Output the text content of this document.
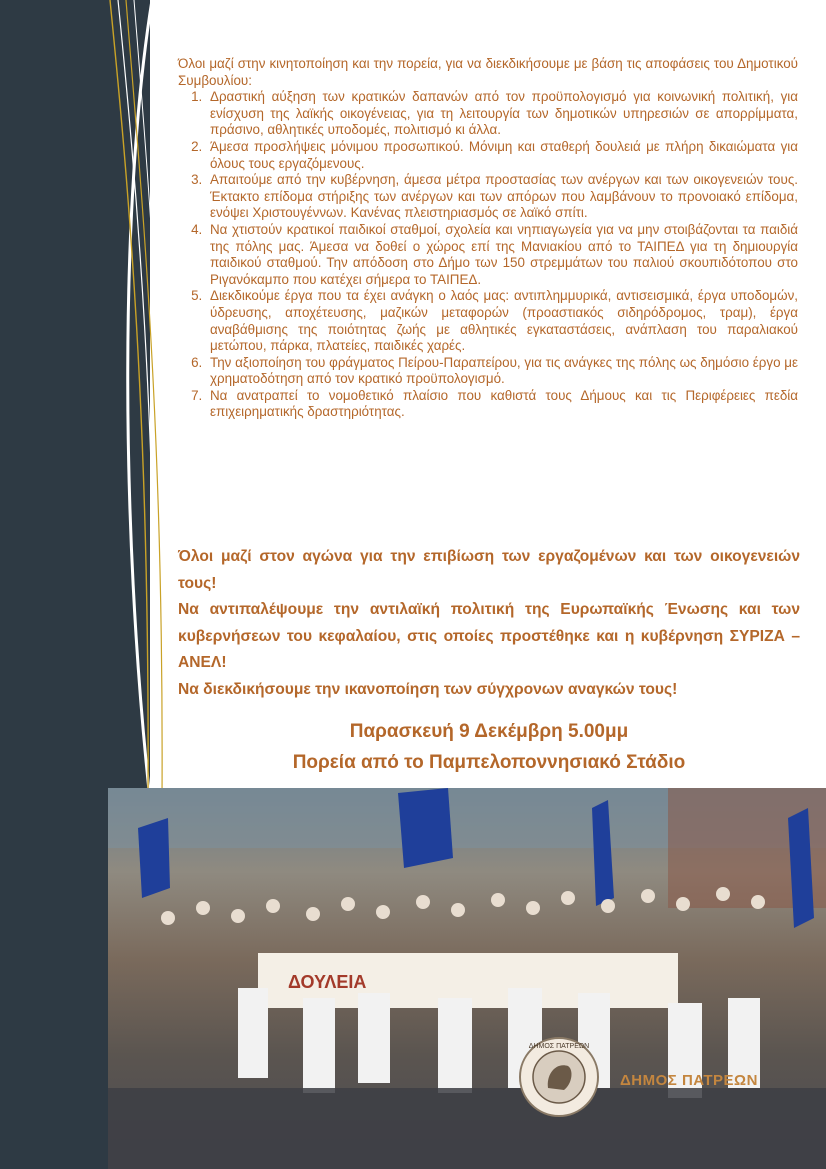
Όλοι μαζί στην κινητοποίηση και την πορεία, για να διεκδικήσουμε με βάση τις αποφάσεις του Δημοτικού Συμβουλίου:

1. Δραστική αύξηση των κρατικών δαπανών από τον προϋπολογισμό για κοινωνική πολιτική, για ενίσχυση της λαϊκής οικογένειας, για τη λειτουργία των δημοτικών υπηρεσιών σε απορρίμματα, πράσινο, αθλητικές υποδομές, πολιτισμό κι άλλα.
2. Άμεσα προσλήψεις μόνιμου προσωπικού. Μόνιμη και σταθερή δουλειά με πλήρη δικαιώματα για όλους τους εργαζόμενους.
3. Απαιτούμε από την κυβέρνηση, άμεσα μέτρα προστασίας των ανέργων και των οικογενειών τους. Έκτακτο επίδομα στήριξης των ανέργων και των απόρων που λαμβάνουν το προνοιακό επίδομα, ενόψει Χριστουγέννων. Κανένας πλειστηριασμός σε λαϊκό σπίτι.
4. Να χτιστούν κρατικοί παιδικοί σταθμοί, σχολεία και νηπιαγωγεία για να μην στοιβάζονται τα παιδιά της πόλης μας. Άμεσα να δοθεί ο χώρος επί της Μανιακίου από το ΤΑΙΠΕΔ για τη δημιουργία παιδικού σταθμού. Την απόδοση στο Δήμο των 150 στρεμμάτων του παλιού σκουπιδότοπου στο Ριγανόκαμπο που κατέχει σήμερα το ΤΑΙΠΕΔ.
5. Διεκδικούμε έργα που τα έχει ανάγκη ο λαός μας: αντιπλημμυρικά, αντισεισμικά, έργα υποδομών, ύδρευσης, αποχέτευσης, μαζικών μεταφορών (προαστιακός σιδηρόδρομος, τραμ), έργα αναβάθμισης της ποιότητας ζωής με αθλητικές εγκαταστάσεις, ανάπλαση του παραλιακού μετώπου, πάρκα, πλατείες, παιδικές χαρές.
6. Την αξιοποίηση του φράγματος Πείρου-Παραπείρου, για τις ανάγκες της πόλης ως δημόσιο έργο με χρηματοδότηση από τον κρατικό προϋπολογισμό.
7. Να ανατραπεί το νομοθετικό πλαίσιο που καθιστά τους Δήμους και τις Περιφέρειες πεδία επιχειρηματικής δραστηριότητας.

Όλοι μαζί στον αγώνα για την επιβίωση των εργαζομένων και των οικογενειών τους!

Να αντιπαλέψουμε την αντιλαϊκή πολιτική της Ευρωπαϊκής Ένωσης και των κυβερνήσεων του κεφαλαίου, στις οποίες προστέθηκε και η κυβέρνηση ΣΥΡΙΖΑ – ΑΝΕΛ!

Να διεκδικήσουμε την ικανοποίηση των σύγχρονων αναγκών τους!

Παρασκευή 9 Δεκέμβρη 5.00μμ
Πορεία από το Παμπελοποννησιακό Στάδιο
ΔΟΥΛΕΙΑ
ΔΗΜΟΣ ΠΑΤΡΕΩΝ
ΔΗΜΟΣ ΠΑΤΡΕΩΝ
